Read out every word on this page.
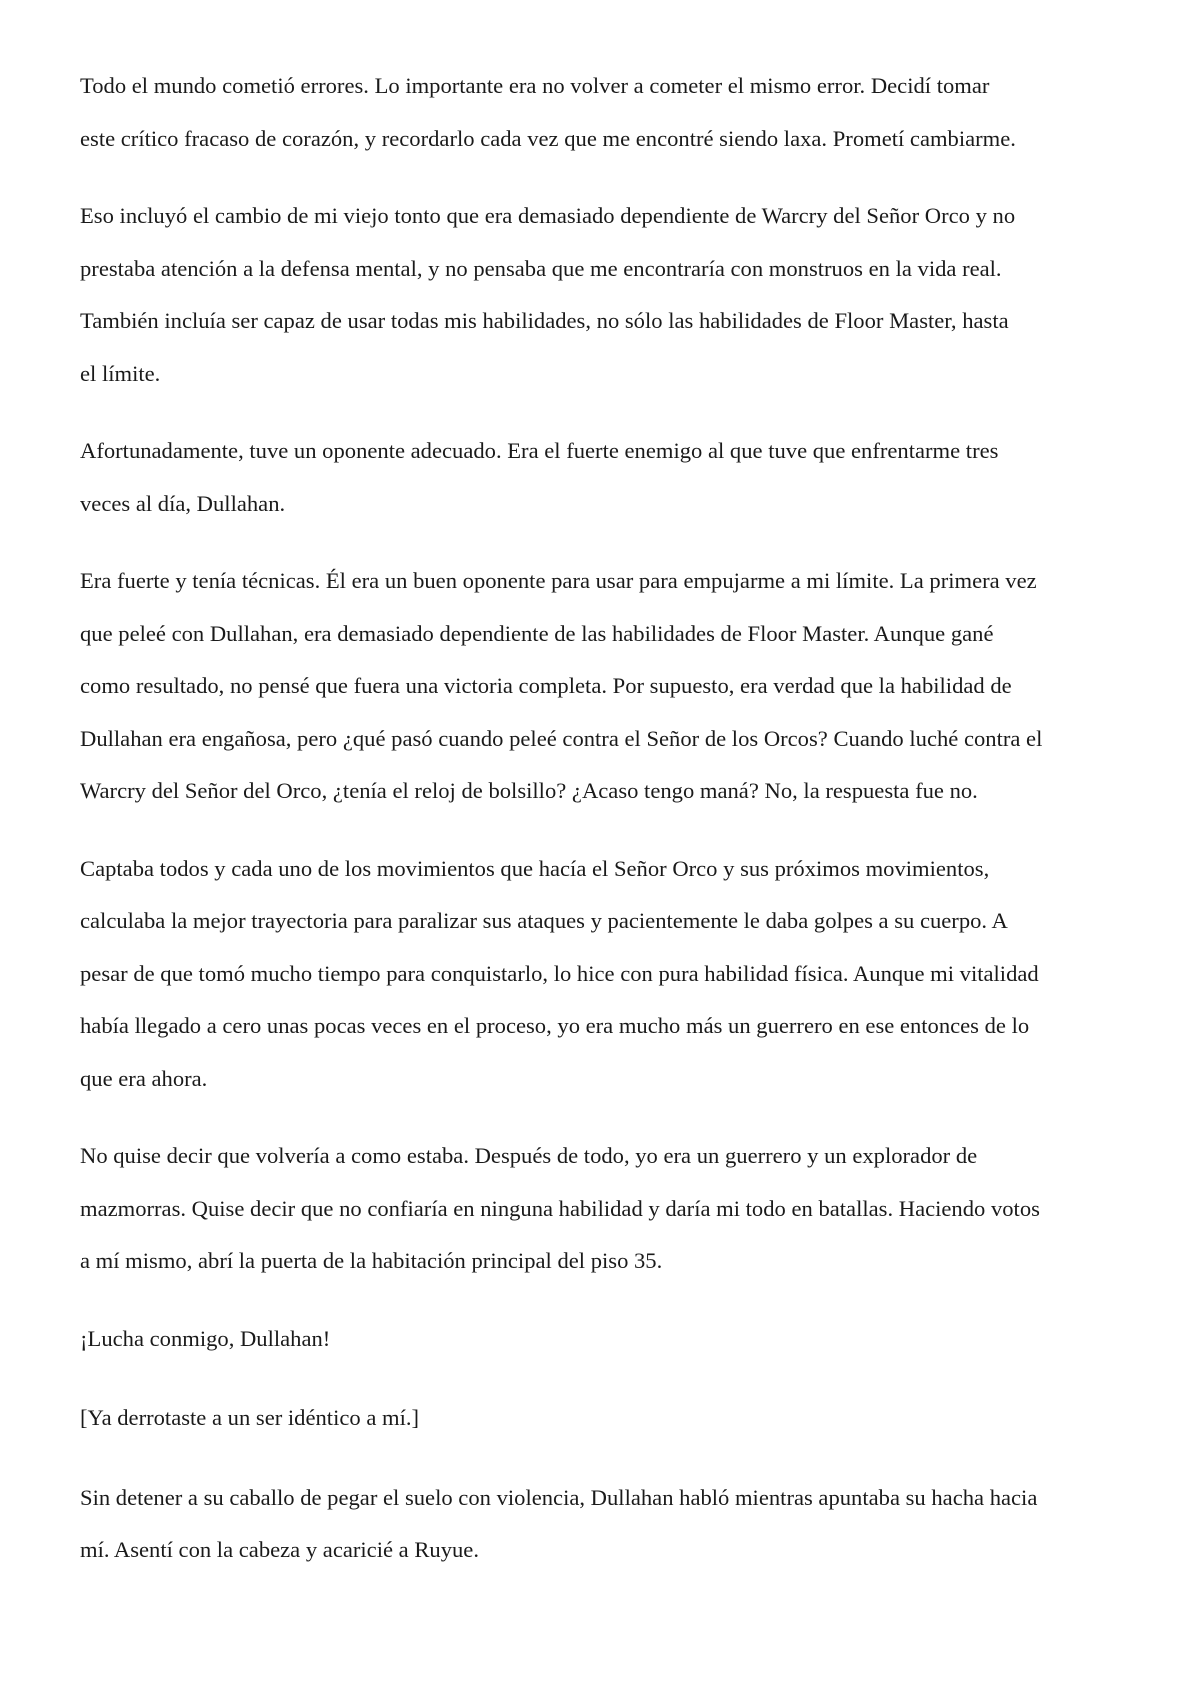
Todo el mundo cometió errores. Lo importante era no volver a cometer el mismo error. Decidí tomar
este crítico fracaso de corazón, y recordarlo cada vez que me encontré siendo laxa. Prometí cambiarme.

Eso incluyó el cambio de mi viejo tonto que era demasiado dependiente de Warcry del Señor Orco y no
prestaba atención a la defensa mental, y no pensaba que me encontraría con monstruos en la vida real.
También incluía ser capaz de usar todas mis habilidades, no sólo las habilidades de Floor Master, hasta
el límite.

Afortunadamente, tuve un oponente adecuado. Era el fuerte enemigo al que tuve que enfrentarme tres
veces al día, Dullahan.

Era fuerte y tenía técnicas. Él era un buen oponente para usar para empujarme a mi límite. La primera vez
que peleé con Dullahan, era demasiado dependiente de las habilidades de Floor Master. Aunque gané
como resultado, no pensé que fuera una victoria completa. Por supuesto, era verdad que la habilidad de
Dullahan era engañosa, pero ¿qué pasó cuando peleé contra el Señor de los Orcos? Cuando luché contra el
Warcry del Señor del Orco, ¿tenía el reloj de bolsillo? ¿Acaso tengo maná? No, la respuesta fue no.

Captaba todos y cada uno de los movimientos que hacía el Señor Orco y sus próximos movimientos,
calculaba la mejor trayectoria para paralizar sus ataques y pacientemente le daba golpes a su cuerpo. A
pesar de que tomó mucho tiempo para conquistarlo, lo hice con pura habilidad física. Aunque mi vitalidad
había llegado a cero unas pocas veces en el proceso, yo era mucho más un guerrero en ese entonces de lo
que era ahora.

No quise decir que volvería a como estaba. Después de todo, yo era un guerrero y un explorador de
mazmorras. Quise decir que no confiaría en ninguna habilidad y daría mi todo en batallas. Haciendo votos
a mí mismo, abrí la puerta de la habitación principal del piso 35.

¡Lucha conmigo, Dullahan!

[Ya derrotaste a un ser idéntico a mí.]

Sin detener a su caballo de pegar el suelo con violencia, Dullahan habló mientras apuntaba su hacha hacia
mí. Asentí con la cabeza y acaricié a Ruyue.
